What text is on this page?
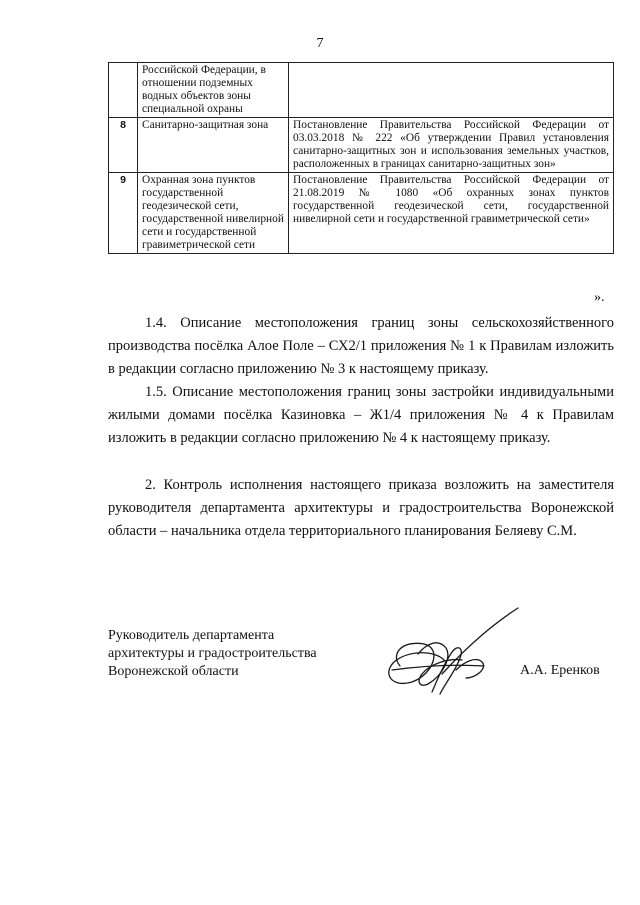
7
	Российской Федерации, в отношении подземных водных объектов зоны специальной охраны	
8	Санитарно-защитная зона	Постановление Правительства Российской Федерации от 03.03.2018 № 222 «Об утверждении Правил установления санитарно-защитных зон и использования земельных участков, расположенных в границах санитарно-защитных зон»
9	Охранная зона пунктов государственной геодезической сети, государственной нивелирной сети и государственной гравиметрической сети	Постановление Правительства Российской Федерации от 21.08.2019 № 1080 «Об охранных зонах пунктов государственной геодезической сети, государственной нивелирной сети и государственной гравиметрической сети»
».

1.4. Описание местоположения границ зоны сельскохозяйственного производства посёлка Алое Поле – СХ2/1 приложения № 1 к Правилам изложить в редакции согласно приложению № 3 к настоящему приказу.

1.5. Описание местоположения границ зоны застройки индивидуальными жилыми домами посёлка Казиновка – Ж1/4 приложения № 4 к Правилам изложить в редакции согласно приложению № 4 к настоящему приказу.

2. Контроль исполнения настоящего приказа возложить на заместителя руководителя департамента архитектуры и градостроительства Воронежской области – начальника отдела территориального планирования Беляеву С.М.

Руководитель департамента
архитектуры и градостроительства
Воронежской области	А.А. Еренков
